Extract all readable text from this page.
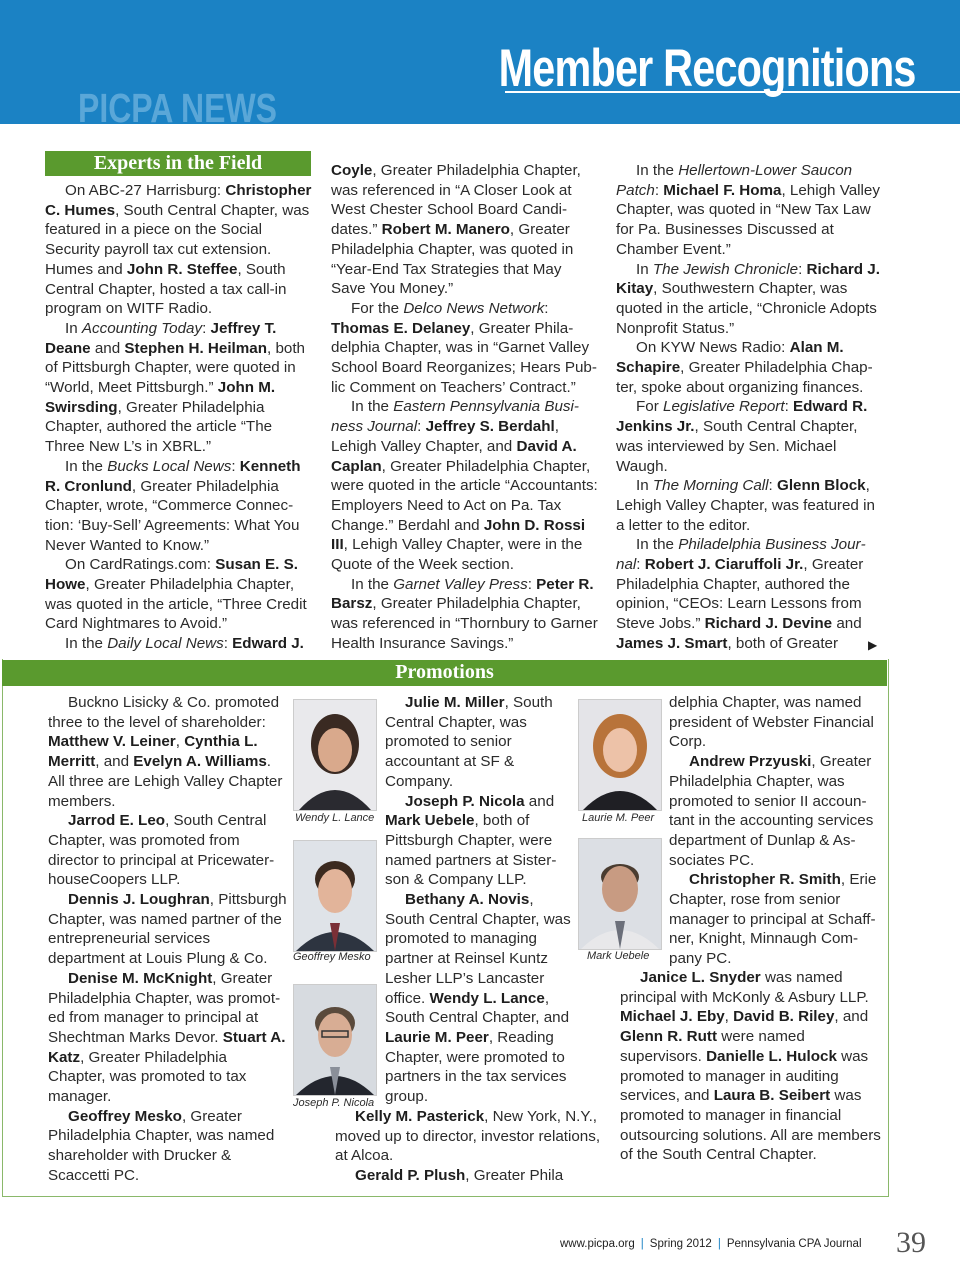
Member Recognitions
PICPA NEWS
Experts in the Field

On ABC-27 Harrisburg: Christopher C. Humes, South Central Chapter, was featured in a piece on the Social Security payroll tax cut extension. Humes and John R. Steffee, South Central Chapter, hosted a tax call-in program on WITF Radio.

In Accounting Today: Jeffrey T. Deane and Stephen H. Heilman, both of Pittsburgh Chapter, were quoted in “World, Meet Pittsburgh.” John M. Swirsding, Greater Philadelphia Chapter, authored the article “The Three New L’s in XBRL.”

In the Bucks Local News: Kenneth R. Cronlund, Greater Philadelphia Chapter, wrote, “Commerce Connection: ‘Buy-Sell’ Agreements: What You Never Wanted to Know.”

On CardRatings.com: Susan E. S. Howe, Greater Philadelphia Chapter, was quoted in the article, “Three Credit Card Nightmares to Avoid.”

In the Daily Local News: Edward J.

Coyle, Greater Philadelphia Chapter, was referenced in “A Closer Look at West Chester School Board Candidates.” Robert M. Manero, Greater Philadelphia Chapter, was quoted in “Year-End Tax Strategies that May Save You Money.”

For the Delco News Network: Thomas E. Delaney, Greater Philadelphia Chapter, was in “Garnet Valley School Board Reorganizes; Hears Public Comment on Teachers’ Contract.”

In the Eastern Pennsylvania Business Journal: Jeffrey S. Berdahl, Lehigh Valley Chapter, and David A. Caplan, Greater Philadelphia Chapter, were quoted in the article “Accountants: Employers Need to Act on Pa. Tax Change.” Berdahl and John D. Rossi III, Lehigh Valley Chapter, were in the Quote of the Week section.

In the Garnet Valley Press: Peter R. Barsz, Greater Philadelphia Chapter, was referenced in “Thornbury to Garner Health Insurance Savings.”

In the Hellertown-Lower Saucon Patch: Michael F. Homa, Lehigh Valley Chapter, was quoted in “New Tax Law for Pa. Businesses Discussed at Chamber Event.”

In The Jewish Chronicle: Richard J. Kitay, Southwestern Chapter, was quoted in the article, “Chronicle Adopts Nonprofit Status.”

On KYW News Radio: Alan M. Schapire, Greater Philadelphia Chapter, spoke about organizing finances.

For Legislative Report: Edward R. Jenkins Jr., South Central Chapter, was interviewed by Sen. Michael Waugh.

In The Morning Call: Glenn Block, Lehigh Valley Chapter, was featured in a letter to the editor.

In the Philadelphia Business Journal: Robert J. Ciaruffoli Jr., Greater Philadelphia Chapter, authored the opinion, “CEOs: Learn Lessons from Steve Jobs.” Richard J. Devine and James J. Smart, both of Greater	▶
Promotions

Buckno Lisicky & Co. promoted three to the level of shareholder: Matthew V. Leiner, Cynthia L. Merritt, and Evelyn A. Williams. All three are Lehigh Valley Chapter members.

Jarrod E. Leo, South Central Chapter, was promoted from director to principal at PricewaterhouseCoopers LLP.

Dennis J. Loughran, Pittsburgh Chapter, was named partner of the entrepreneurial services department at Louis Plung & Co.

Denise M. McKnight, Greater Philadelphia Chapter, was promoted from manager to principal at Shechtman Marks Devor. Stuart A. Katz, Greater Philadelphia Chapter, was promoted to tax manager.

Geoffrey Mesko, Greater Philadelphia Chapter, was named shareholder with Drucker & Scaccetti PC.

Wendy L. Lance
Geoffrey Mesko
Joseph P. Nicola

Julie M. Miller, South Central Chapter, was promoted to senior accountant at SF & Company.

Joseph P. Nicola and Mark Uebele, both of Pittsburgh Chapter, were named partners at Sisterson & Company LLP.

Bethany A. Novis, South Central Chapter, was promoted to managing partner at Reinsel Kuntz Lesher LLP’s Lancaster office. Wendy L. Lance, South Central Chapter, and Laurie M. Peer, Reading Chapter, were promoted to partners in the tax services group.

Kelly M. Pasterick, New York, N.Y., moved up to director, investor relations, at Alcoa.

Gerald P. Plush, Greater Phila

Laurie M. Peer
Mark Uebele

delphia Chapter, was named president of Webster Financial Corp.

Andrew Przyuski, Greater Philadelphia Chapter, was promoted to senior II accountant in the accounting services department of Dunlap & Associates PC.

Christopher R. Smith, Erie Chapter, rose from senior manager to principal at Schaffner, Knight, Minnaugh Company PC.

Janice L. Snyder was named principal with McKonly & Asbury LLP. Michael J. Eby, David B. Riley, and Glenn R. Rutt were named supervisors. Danielle L. Hulock was promoted to manager in auditing services, and Laura B. Seibert was promoted to manager in financial outsourcing solutions. All are members of the South Central Chapter.

www.picpa.org | Spring 2012 | Pennsylvania CPA Journal 39
